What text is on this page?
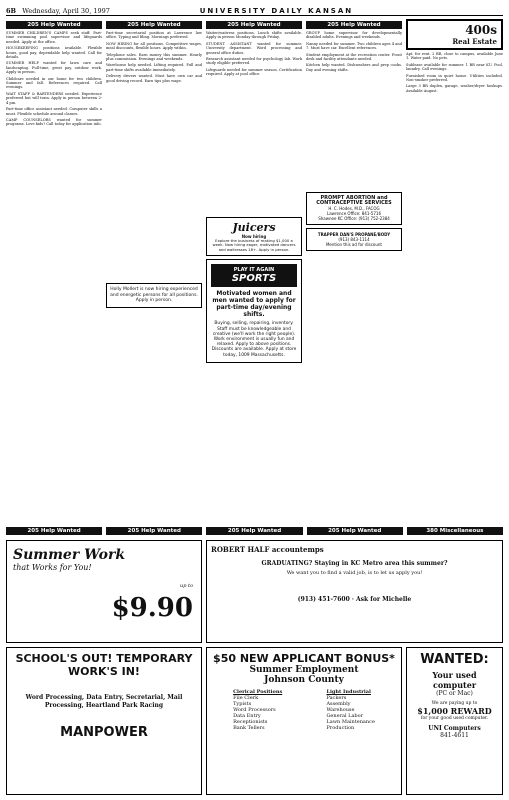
6B Wednesday, April 30, 1997	UNIVERSITY DAILY KANSAN
205 Help Wanted

SUMMER CHILDREN'S CAMPS seek staff. Part-time swimming pool supervisor and lifeguards needed. Apply at the office.

HOUSEKEEPING positions available. Flexible hours, good pay, dependable help wanted. Call for details.

SUMMER HELP wanted for lawn care and landscaping. Full-time, great pay, outdoor work. Apply in person.

Childcare needed in our home for two children. Summer and fall. References required. Call evenings.

WAIT STAFF & BARTENDERS needed. Experience preferred but will train. Apply in person between 2-4 pm.

Part-time office assistant needed. Computer skills a must. Flexible schedule around classes.

CAMP COUNSELORS wanted for summer programs. Love kids? Call today for application info.

205 Help Wanted

Part-time secretarial position at Lawrence law office. Typing and filing. Mornings preferred.

NOW HIRING for all positions. Competitive wages, meal discounts, flexible hours. Apply within.

Telephone sales. Earn money this summer. Hourly plus commission. Evenings and weekends.

Warehouse help needed. Lifting required. Full and part-time shifts available immediately.

Delivery drivers wanted. Must have own car and good driving record. Earn tips plus wage.

Holly Mollert is now hiring experienced and energetic persons for all positions. Apply in person.
205 Help Wanted

Waiter/waitress positions. Lunch shifts available. Apply in person Monday through Friday.

STUDENT ASSISTANT wanted for summer. University department. Word processing and general office duties.

Research assistant needed for psychology lab. Work study eligible preferred.

Lifeguards needed for summer season. Certification required. Apply at pool office.

Juicers
Now hiring
Explore the business of making $1,000 a week. Now hiring eager, motivated dancers and waitresses 18+. Apply in person.
PLAY IT AGAIN
SPORTS
Motivated women and men wanted to apply for part-time day/evening shifts.
Buying, selling, repairing, inventory. Staff must be knowledgeable and creative (we'll work the right people). Work environment is usually fun and relaxed. Apply to above positions. Discounts are available. Apply at store today, 1009 Massachusetts.
205 Help Wanted

GROUP home supervisor for developmentally disabled adults. Evenings and weekends.

Nanny needed for summer. Two children ages 4 and 7. Must have car. Excellent references.

Student employment at the recreation center. Front desk and facility attendants needed.

Kitchen help wanted. Dishwashers and prep cooks. Day and evening shifts.

PROMPT ABORTION and CONTRACEPTIVE SERVICES
H. C. Hodes, M.D., FACOG
Lawrence Office: 841-5716
Shawnee KC Office: (913) 752-2384
TRAPPER DAN'S PROPANE/BODY
(913) 843-1114
Mention this ad for discount
400s
Real Estate

Apt. for rent. 2 BR, close to campus, available June 1. Water paid. No pets.

Sublease available for summer. 1 BR near KU. Pool, laundry. Call evenings.

Furnished room in quiet house. Utilities included. Non-smoker preferred.

Large 3 BR duplex, garage, washer/dryer hookups. Available August.

205 Help Wanted	205 Help Wanted	205 Help Wanted	205 Help Wanted	380 Miscellaneous
Summer Work
that Works for You!
up to
$9.90
ROBERT HALF accountemps
GRADUATING? Staying in KC Metro area this summer?
We want you to find a valid job, is to let us apply you!
(913) 451-7600 · Ask for Michelle
SCHOOL'S OUT! TEMPORARY WORK'S IN!
Word Processing, Data Entry, Secretarial, Mail Processing, Heartland Park Racing
MANPOWER
$50 NEW APPLICANT BONUS*
Summer Employment
Johnson County
Clerical Positions
File Clerk
Typists
Word Processors
Data Entry
Receptionists
Bank Tellers
Light Industrial
Packers
Assembly
Warehouse
General Labor
Lawn Maintenance
Production
WANTED:
Your used
computer
(PC or Mac)
We are paying up to
$1,000 REWARD
for your good used computer.
UNI Computers
841-4611
